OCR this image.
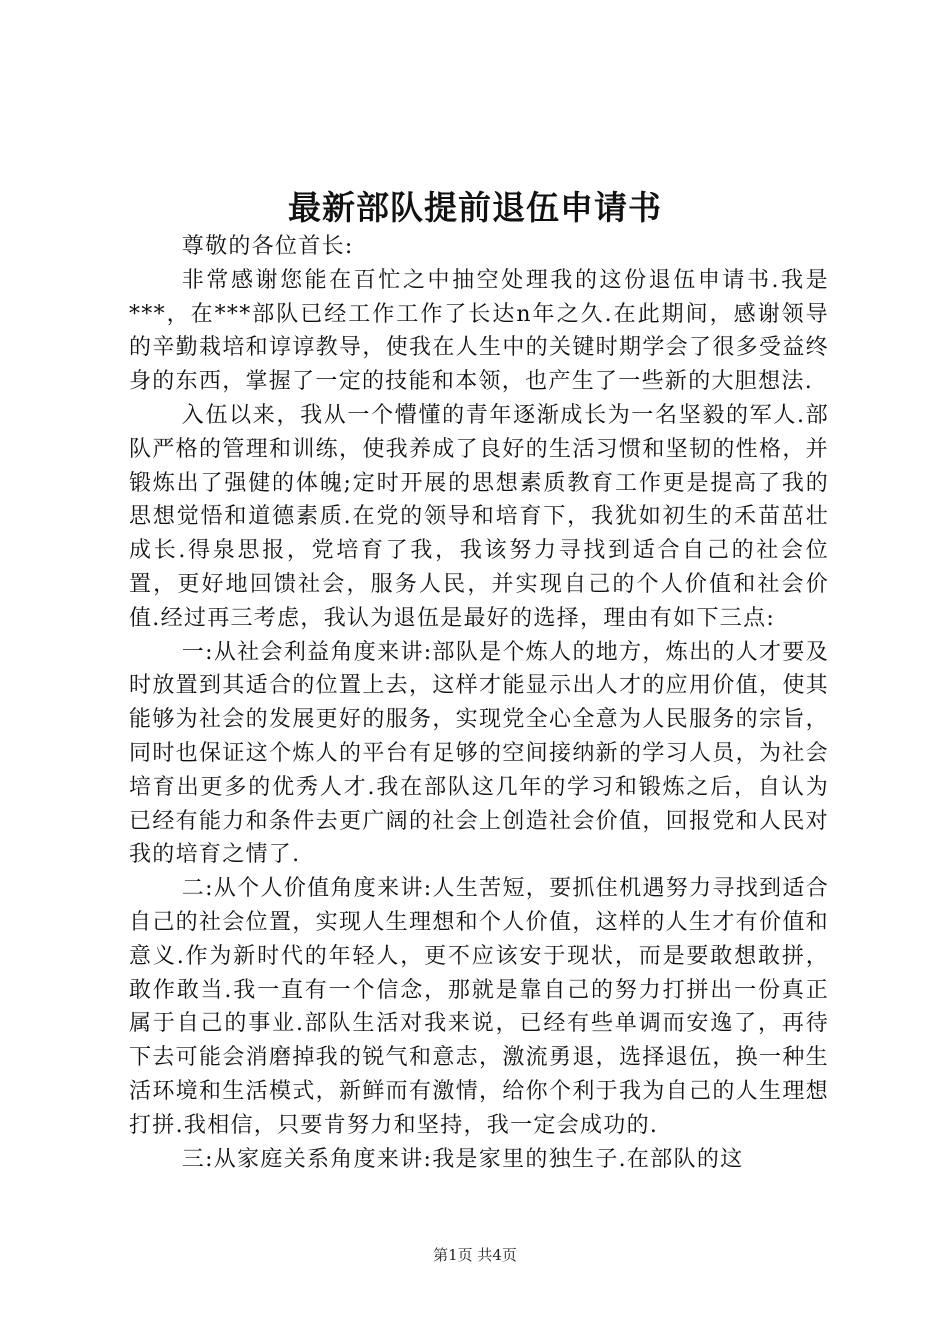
最新部队提前退伍申请书

尊敬的各位首长:

非常感谢您能在百忙之中抽空处理我的这份退伍申请书.我是***，在***部队已经工作工作了长达n年之久.在此期间，感谢领导的辛勤栽培和谆谆教导，使我在人生中的关键时期学会了很多受益终身的东西，掌握了一定的技能和本领，也产生了一些新的大胆想法.

入伍以来，我从一个懵懂的青年逐渐成长为一名坚毅的军人.部队严格的管理和训练，使我养成了良好的生活习惯和坚韧的性格，并锻炼出了强健的体魄;定时开展的思想素质教育工作更是提高了我的思想觉悟和道德素质.在党的领导和培育下，我犹如初生的禾苗茁壮成长.得泉思报，党培育了我，我该努力寻找到适合自己的社会位置，更好地回馈社会，服务人民，并实现自己的个人价值和社会价值.经过再三考虑，我认为退伍是最好的选择，理由有如下三点:

一:从社会利益角度来讲:部队是个炼人的地方，炼出的人才要及时放置到其适合的位置上去，这样才能显示出人才的应用价值，使其能够为社会的发展更好的服务，实现党全心全意为人民服务的宗旨，同时也保证这个炼人的平台有足够的空间接纳新的学习人员，为社会培育出更多的优秀人才.我在部队这几年的学习和锻炼之后，自认为已经有能力和条件去更广阔的社会上创造社会价值，回报党和人民对我的培育之情了.

二:从个人价值角度来讲:人生苦短，要抓住机遇努力寻找到适合自己的社会位置，实现人生理想和个人价值，这样的人生才有价值和意义.作为新时代的年轻人，更不应该安于现状，而是要敢想敢拼，敢作敢当.我一直有一个信念，那就是靠自己的努力打拼出一份真正属于自己的事业.部队生活对我来说，已经有些单调而安逸了，再待下去可能会消磨掉我的锐气和意志，激流勇退，选择退伍，换一种生活环境和生活模式，新鲜而有激情，给你个利于我为自己的人生理想打拼.我相信，只要肯努力和坚持，我一定会成功的.

三:从家庭关系角度来讲:我是家里的独生子.在部队的这

第1页 共4页
